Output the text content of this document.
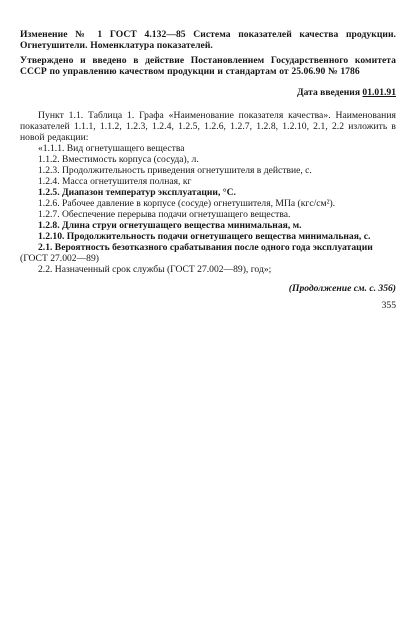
Изменение № 1 ГОСТ 4.132—85 Система показателей качества продукции. Огнетушители. Номенклатура показателей.
Утверждено и введено в действие Постановлением Государственного комитета СССР по управлению качеством продукции и стандартам от 25.06.90 № 1786
Дата введения 01.01.91
Пункт 1.1. Таблица 1. Графа «Наименование показателя качества». Наименования показателей 1.1.1, 1.1.2, 1.2.3, 1.2.4, 1.2.5, 1.2.6, 1.2.7, 1.2.8, 1.2.10, 2.1, 2.2 изложить в новой редакции:
«1.1.1. Вид огнетушащего вещества
1.1.2. Вместимость корпуса (сосуда), л.
1.2.3. Продолжительность приведения огнетушителя в действие, с.
1.2.4. Масса огнетушителя полная, кг
1.2.5. Диапазон температур эксплуатации, °С.
1.2.6. Рабочее давление в корпусе (сосуде) огнетушителя, МПа (кгс/см²).
1.2.7. Обеспечение перерыва подачи огнетушащего вещества.
1.2.8. Длина струи огнетушащего вещества минимальная, м.
1.2.10. Продолжительность подачи огнетушащего вещества минимальная, с.
2.1. Вероятность безотказного срабатывания после одного года эксплуатации
(ГОСТ 27.002—89)
2.2. Назначенный срок службы (ГОСТ 27.002—89), год»;
(Продолжение см. с. 356)
355
